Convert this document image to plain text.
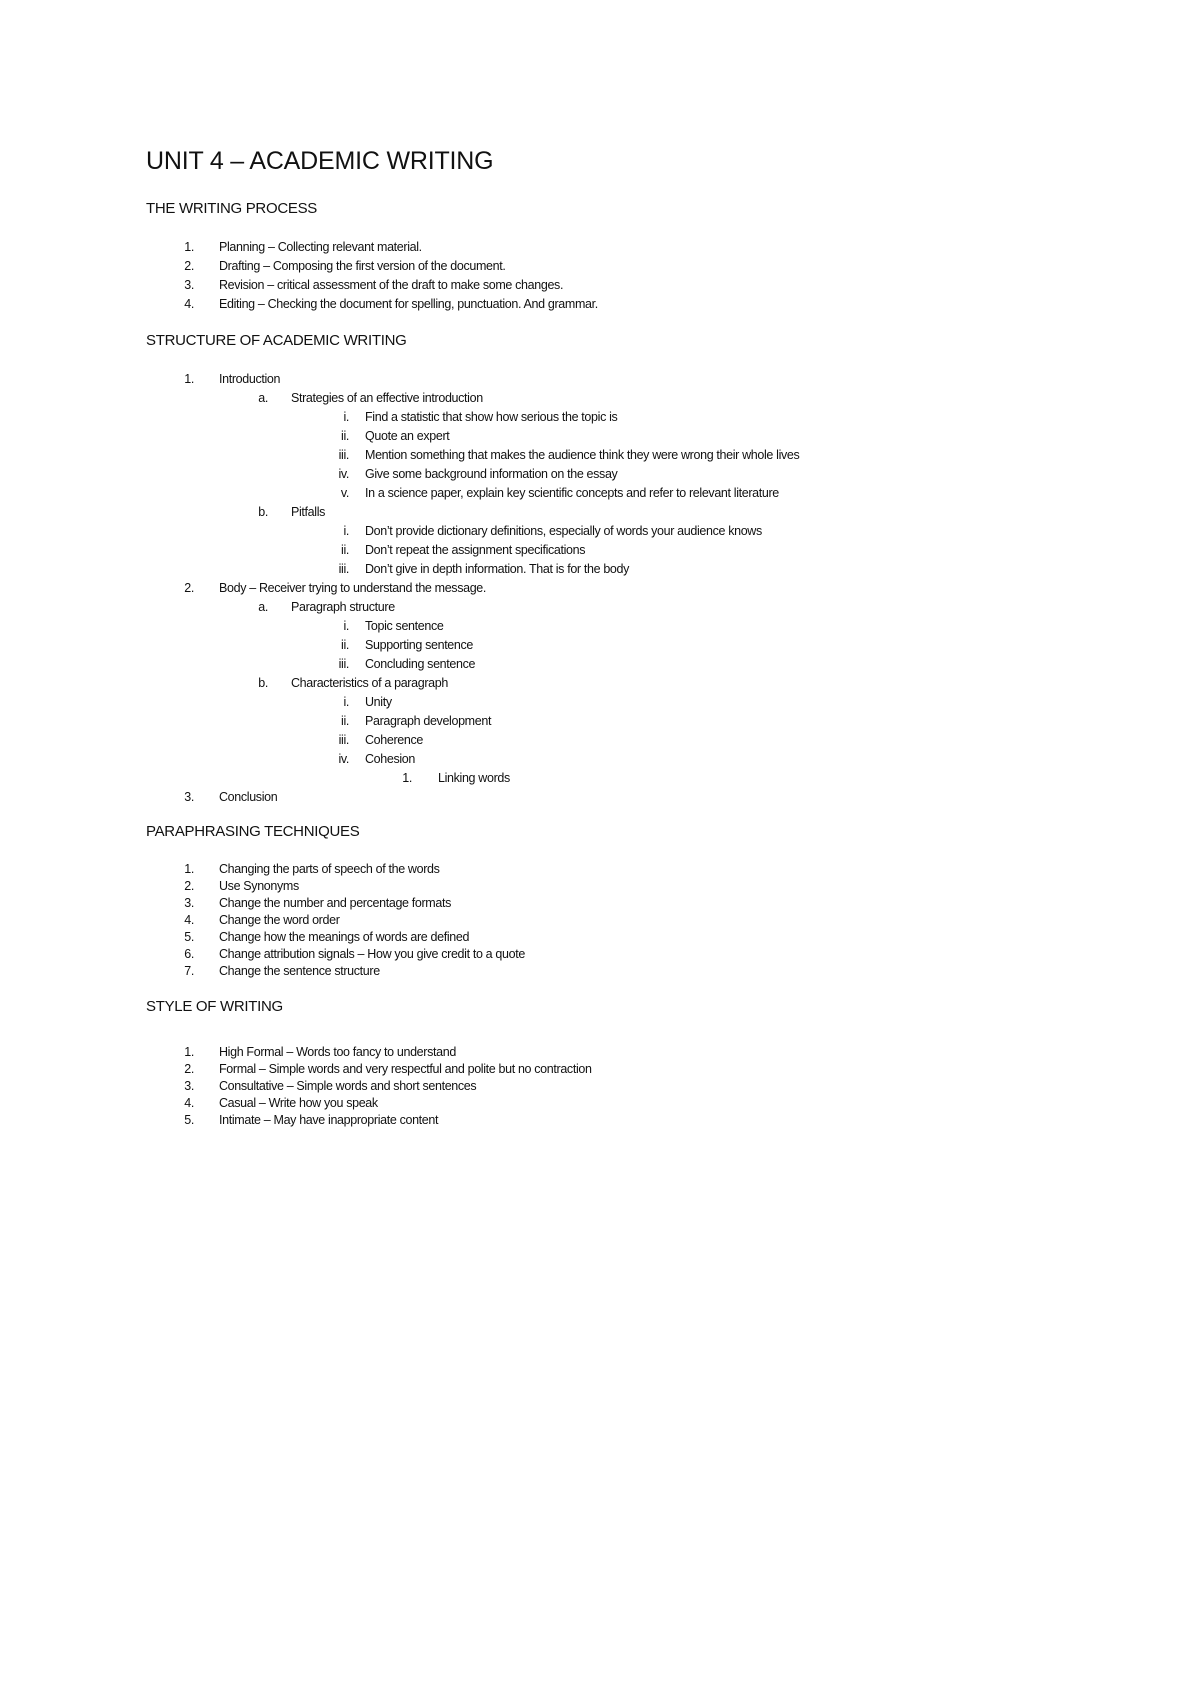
UNIT 4 – ACADEMIC WRITING
THE WRITING PROCESS
1. Planning – Collecting relevant material.
2. Drafting – Composing the first version of the document.
3. Revision – critical assessment of the draft to make some changes.
4. Editing – Checking the document for spelling, punctuation. And grammar.
STRUCTURE OF ACADEMIC WRITING
1. Introduction
a. Strategies of an effective introduction
i. Find a statistic that show how serious the topic is
ii. Quote an expert
iii. Mention something that makes the audience think they were wrong their whole lives
iv. Give some background information on the essay
v. In a science paper, explain key scientific concepts and refer to relevant literature
b. Pitfalls
i. Don’t provide dictionary definitions, especially of words your audience knows
ii. Don’t repeat the assignment specifications
iii. Don’t give in depth information. That is for the body
2. Body – Receiver trying to understand the message.
a. Paragraph structure
i. Topic sentence
ii. Supporting sentence
iii. Concluding sentence
b. Characteristics of a paragraph
i. Unity
ii. Paragraph development
iii. Coherence
iv. Cohesion
1. Linking words
3. Conclusion
PARAPHRASING TECHNIQUES
1. Changing the parts of speech of the words
2. Use Synonyms
3. Change the number and percentage formats
4. Change the word order
5. Change how the meanings of words are defined
6. Change attribution signals – How you give credit to a quote
7. Change the sentence structure
STYLE OF WRITING
1. High Formal – Words too fancy to understand
2. Formal – Simple words and very respectful and polite but no contraction
3. Consultative – Simple words and short sentences
4. Casual – Write how you speak
5. Intimate – May have inappropriate content
